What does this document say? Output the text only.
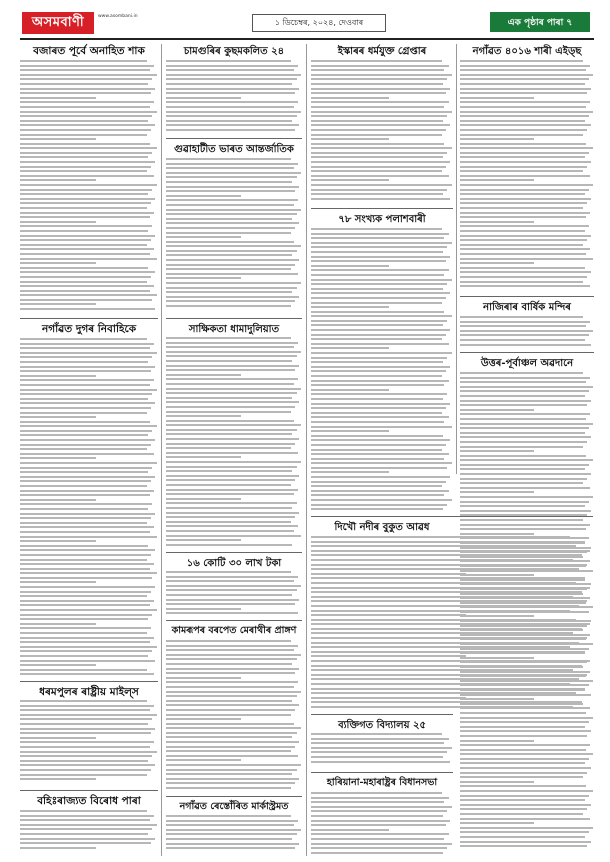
অসমবাণী	www.asombani.in
১ ডিচেম্বৰ, ২০২৪, দেওবাৰ	এক পৃষ্ঠাৰ পাৰা ৭

বজাৰত পূৰ্বে অনাহিত শাক

নগাঁৱত দুগৰ নিবাহিকে

ধৰমপুলৰ ৰাষ্ট্ৰীয় মাইল্স

বহিঃৰাজ্যত বিৰোধ পাৰা

চামগুৰিৰ কুছমকলিত ২৪

গুৱাহাটীত ভাৰত আন্তৰ্জাতিক

সাক্ষিকতা ধামাদুলিয়াত

১৬ কোটি ৩০ লাখ টকা

কামৰূপৰ বৰপেত মেৰাথীৰ প্ৰাঙ্গণ

নগাঁৱত ৰেস্তোঁৰিত মাৰ্কাস্ট্ৰমত

ইস্কাৰৰ ধৰ্মযুক্ত গ্ৰেপ্তাৰ

৭৮ সংখ্যক পলাশবাৰী

দিখৌ নদীৰ বুকুত আৱধ

ব্যক্তিগত বিদ্যালয় ২৫

হাৰিয়ানা-মহাৰাষ্ট্ৰৰ বিধানসভা

নগাঁৱত ৪০১৬ শাৰী এইড্‌ছ

নাজিৰাৰ বাৰ্ষিক মন্দিৰ

উত্তৰ-পূৰ্বাঞ্চল অৱদানে
